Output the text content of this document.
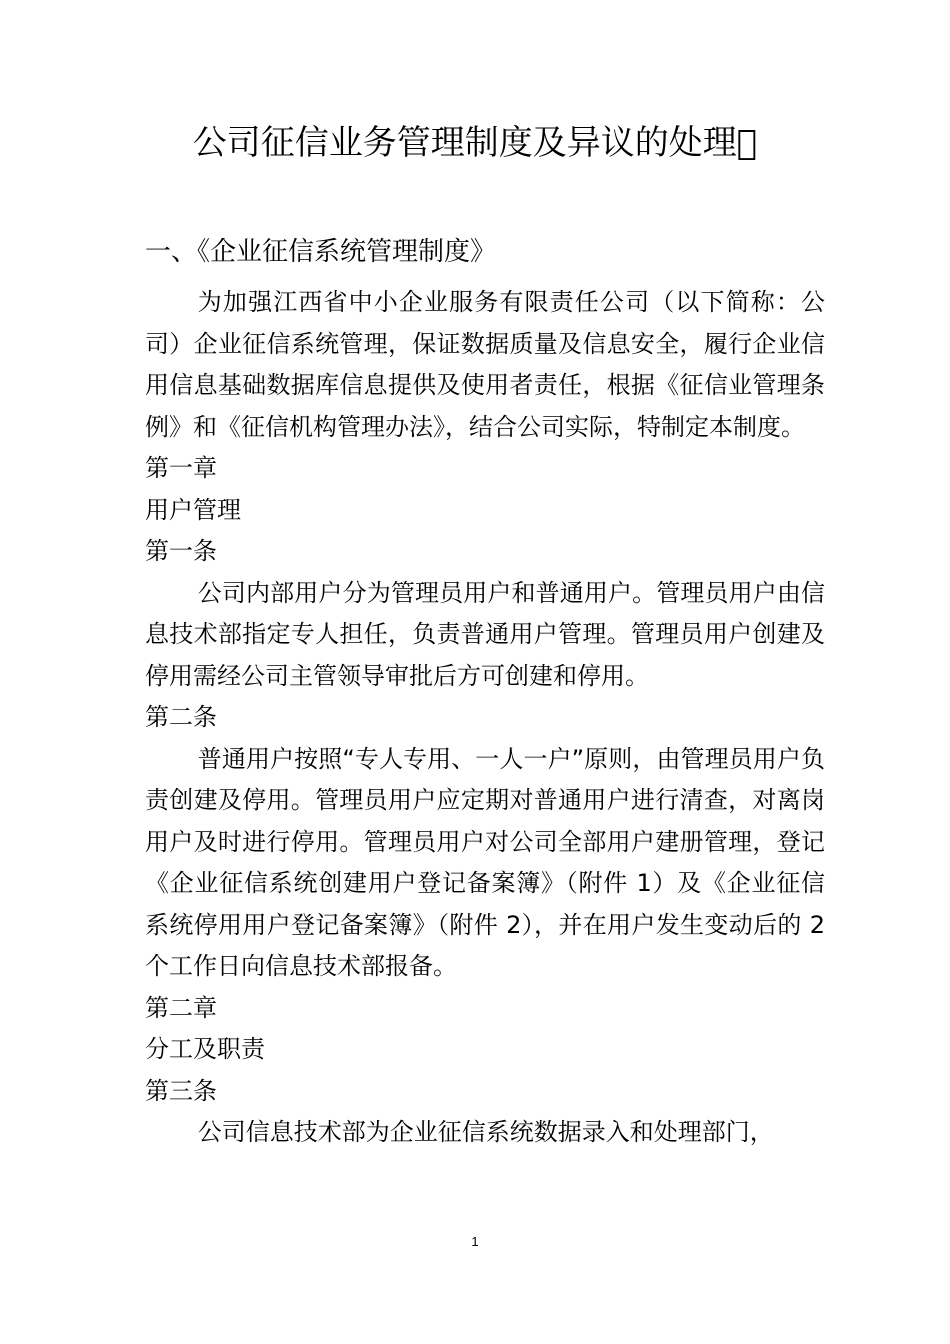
公司征信业务管理制度及异议的处理􀀀
一、《企业征信系统管理制度》

为加强江西省中小企业服务有限责任公司（以下简称：公司）企业征信系统管理，保证数据质量及信息安全，履行企业信用信息基础数据库信息提供及使用者责任，根据《征信业管理条例》和《征信机构管理办法》，结合公司实际，特制定本制度。

第一章

用户管理

第一条

公司内部用户分为管理员用户和普通用户。管理员用户由信息技术部指定专人担任，负责普通用户管理。管理员用户创建及停用需经公司主管领导审批后方可创建和停用。

第二条

普通用户按照“专人专用、一人一户”原则，由管理员用户负责创建及停用。管理员用户应定期对普通用户进行清查，对离岗用户及时进行停用。管理员用户对公司全部用户建册管理，登记《企业征信系统创建用户登记备案簿》（附件 1）及《企业征信系统停用用户登记备案簿》（附件 2），并在用户发生变动后的 2 个工作日向信息技术部报备。

第二章

分工及职责

第三条

公司信息技术部为企业征信系统数据录入和处理部门，

1
